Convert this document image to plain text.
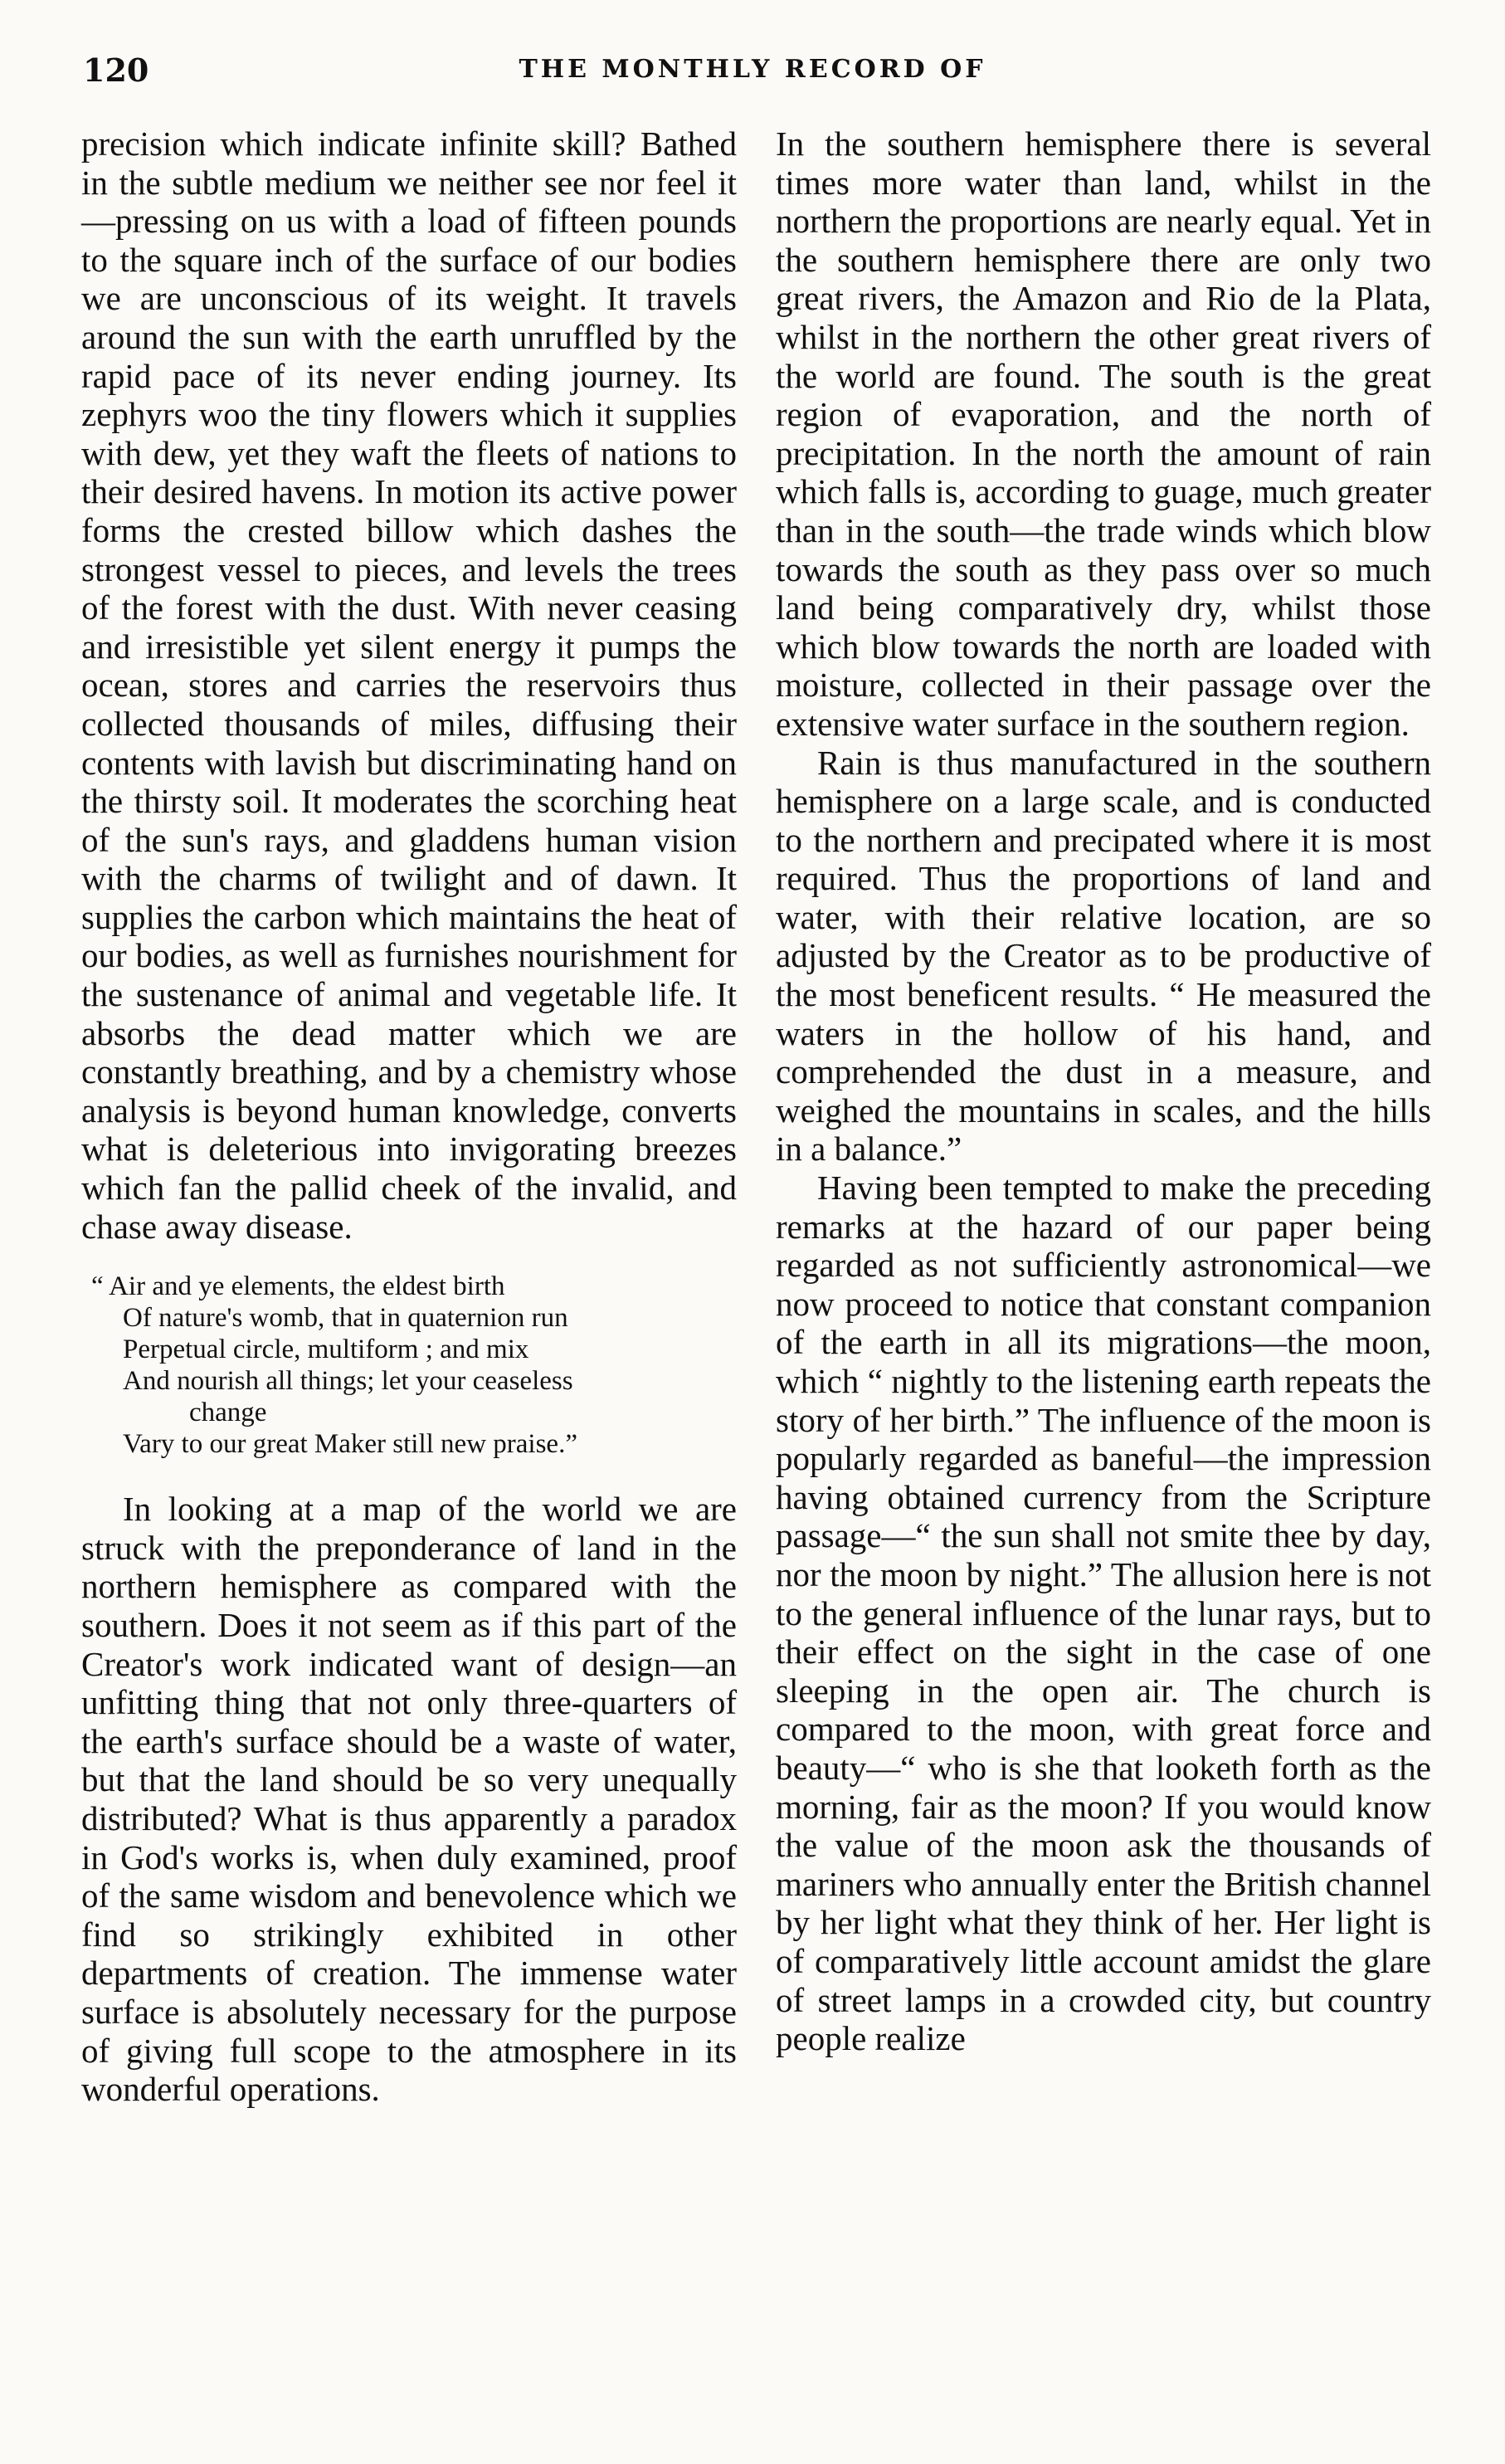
120	THE MONTHLY RECORD OF

precision which indicate infinite skill? Bathed in the subtle medium we neither see nor feel it—pressing on us with a load of fifteen pounds to the square inch of the surface of our bodies we are unconscious of its weight. It travels around the sun with the earth unruffled by the rapid pace of its never ending journey. Its zephyrs woo the tiny flowers which it supplies with dew, yet they waft the fleets of nations to their desired havens. In motion its active power forms the crested billow which dashes the strongest vessel to pieces, and levels the trees of the forest with the dust. With never ceasing and irresistible yet silent energy it pumps the ocean, stores and carries the reservoirs thus collected thousands of miles, diffusing their contents with lavish but discriminating hand on the thirsty soil. It moderates the scorching heat of the sun's rays, and gladdens human vision with the charms of twilight and of dawn. It supplies the carbon which maintains the heat of our bodies, as well as furnishes nourishment for the sustenance of animal and vegetable life. It absorbs the dead matter which we are constantly breathing, and by a chemistry whose analysis is beyond human knowledge, converts what is deleterious into invigorating breezes which fan the pallid cheek of the invalid, and chase away disease.

“ Air and ye elements, the eldest birth
Of nature's womb, that in quaternion run
Perpetual circle, multiform ; and mix
And nourish all things; let your ceaseless
change
Vary to our great Maker still new praise.”

In looking at a map of the world we are struck with the preponderance of land in the northern hemisphere as compared with the southern. Does it not seem as if this part of the Creator's work indicated want of design—an unfitting thing that not only three-quarters of the earth's surface should be a waste of water, but that the land should be so very unequally distributed? What is thus apparently a paradox in God's works is, when duly examined, proof of the same wisdom and benevolence which we find so strikingly exhibited in other departments of creation. The immense water surface is absolutely necessary for the purpose of giving full scope to the atmosphere in its wonderful operations.

In the southern hemisphere there is several times more water than land, whilst in the northern the proportions are nearly equal. Yet in the southern hemisphere there are only two great rivers, the Amazon and Rio de la Plata, whilst in the northern the other great rivers of the world are found. The south is the great region of evaporation, and the north of precipitation. In the north the amount of rain which falls is, according to guage, much greater than in the south—the trade winds which blow towards the south as they pass over so much land being comparatively dry, whilst those which blow towards the north are loaded with moisture, collected in their passage over the extensive water surface in the southern region.

Rain is thus manufactured in the southern hemisphere on a large scale, and is conducted to the northern and precipated where it is most required. Thus the proportions of land and water, with their relative location, are so adjusted by the Creator as to be productive of the most beneficent results. “ He measured the waters in the hollow of his hand, and comprehended the dust in a measure, and weighed the mountains in scales, and the hills in a balance.”

Having been tempted to make the preceding remarks at the hazard of our paper being regarded as not sufficiently astronomical—we now proceed to notice that constant companion of the earth in all its migrations—the moon, which “ nightly to the listening earth repeats the story of her birth.” The influence of the moon is popularly regarded as baneful—the impression having obtained currency from the Scripture passage—“ the sun shall not smite thee by day, nor the moon by night.” The allusion here is not to the general influence of the lunar rays, but to their effect on the sight in the case of one sleeping in the open air. The church is compared to the moon, with great force and beauty—“ who is she that looketh forth as the morning, fair as the moon? If you would know the value of the moon ask the thousands of mariners who annually enter the British channel by her light what they think of her. Her light is of comparatively little account amidst the glare of street lamps in a crowded city, but country people realize
